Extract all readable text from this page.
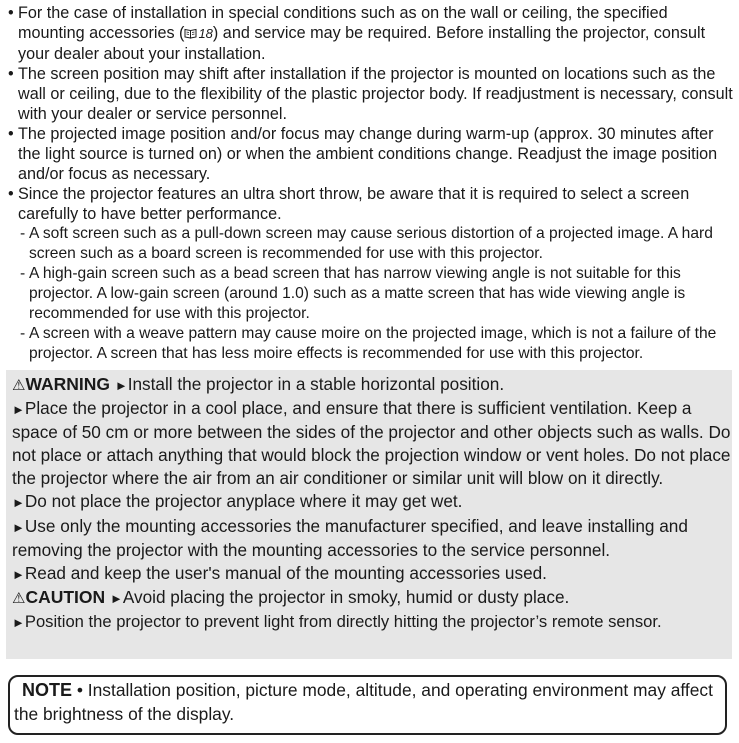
• For the case of installation in special conditions such as on the wall or ceiling, the specified mounting accessories ( 18) and service may be required. Before installing the projector, consult your dealer about your installation.
• The screen position may shift after installation if the projector is mounted on locations such as the wall or ceiling, due to the flexibility of the plastic projector body. If readjustment is necessary, consult with your dealer or service personnel.
• The projected image position and/or focus may change during warm-up (approx. 30 minutes after the light source is turned on) or when the ambient conditions change. Readjust the image position and/or focus as necessary.
• Since the projector features an ultra short throw, be aware that it is required to select a screen carefully to have better performance.
- A soft screen such as a pull-down screen may cause serious distortion of a projected image. A hard screen such as a board screen is recommended for use with this projector.
- A high-gain screen such as a bead screen that has narrow viewing angle is not suitable for this projector. A low-gain screen (around 1.0) such as a matte screen that has wide viewing angle is recommended for use with this projector.
- A screen with a weave pattern may cause moire on the projected image, which is not a failure of the projector. A screen that has less moire effects is recommended for use with this projector.
⚠WARNING ►Install the projector in a stable horizontal position.
►Place the projector in a cool place, and ensure that there is sufficient ventilation. Keep a space of 50 cm or more between the sides of the projector and other objects such as walls. Do not place or attach anything that would block the projection window or vent holes. Do not place the projector where the air from an air conditioner or similar unit will blow on it directly.
►Do not place the projector anyplace where it may get wet.
►Use only the mounting accessories the manufacturer specified, and leave installing and removing the projector with the mounting accessories to the service personnel.
►Read and keep the user's manual of the mounting accessories used.
⚠CAUTION ►Avoid placing the projector in smoky, humid or dusty place.
►Position the projector to prevent light from directly hitting the projector’s remote sensor.
NOTE • Installation position, picture mode, altitude, and operating environment may affect the brightness of the display.
